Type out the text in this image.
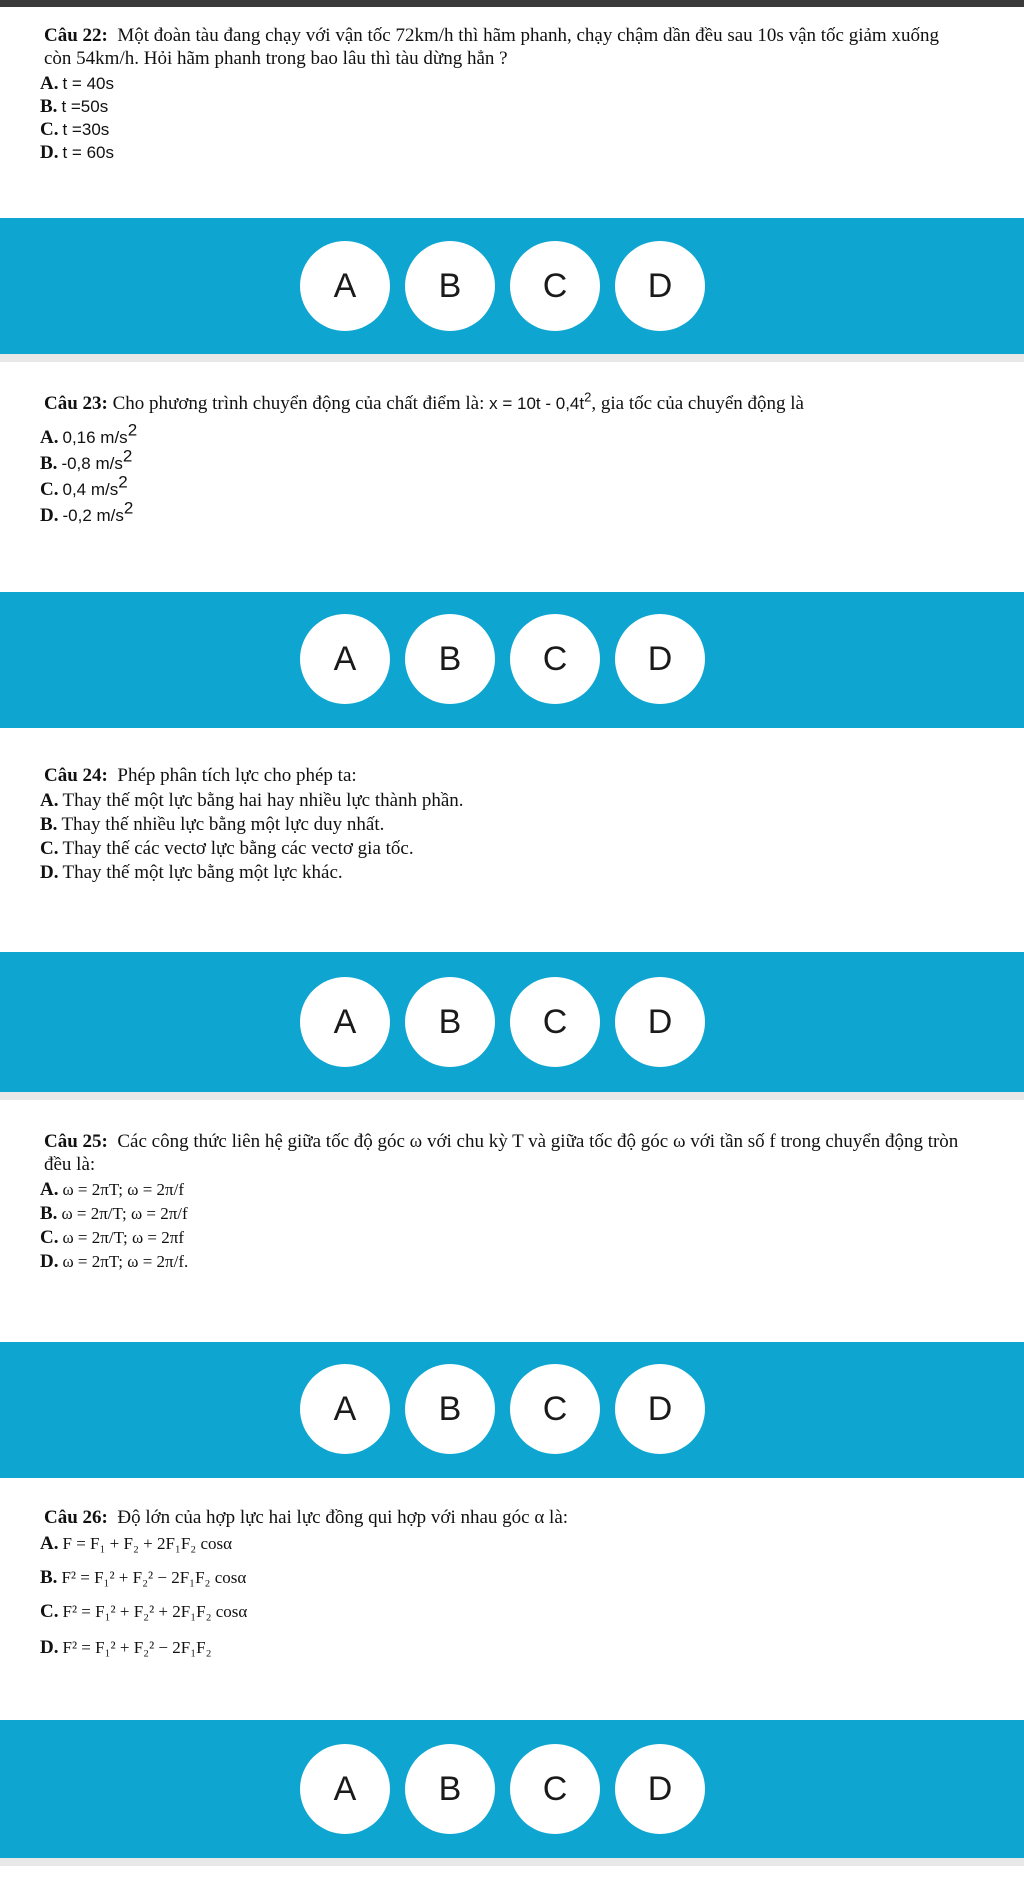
Câu 22: Một đoàn tàu đang chạy với vận tốc 72km/h thì hãm phanh, chạy chậm dần đều sau 10s vận tốc giảm xuống còn 54km/h. Hỏi hãm phanh trong bao lâu thì tàu dừng hẳn ?
A. t = 40s
B. t =50s
C. t =30s
D. t = 60s
A	B	C	D
Câu 23: Cho phương trình chuyển động của chất điểm là: $x = 10t - 0,4t^2$, gia tốc của chuyển động là
A. 0,16 $m/s^2$
B. -0,8 $m/s^2$
C. 0,4 $m/s^2$
D. -0,2 $m/s^2$
A	B	C	D
Câu 24: Phép phân tích lực cho phép ta:
A. Thay thế một lực bằng hai hay nhiều lực thành phần.
B. Thay thế nhiều lực bằng một lực duy nhất.
C. Thay thế các vectơ lực bằng các vectơ gia tốc.
D. Thay thế một lực bằng một lực khác.
A	B	C	D
Câu 25: Các công thức liên hệ giữa tốc độ góc ω với chu kỳ T và giữa tốc độ góc ω với tần số f trong chuyển động tròn đều là:
A. ω = 2πT; ω = 2π/f
B. ω = 2π/T; ω = 2π/f
C. ω = 2π/T; ω = 2πf
D. ω = 2πT; ω = 2π/f.
A	B	C	D
Câu 26: Độ lớn của hợp lực hai lực đồng qui hợp với nhau góc α là:
A. F = F₁ + F₂ + 2F₁F₂ cosα
B. F² = F₁² + F₂² − 2F₁F₂ cosα
C. F² = F₁² + F₂² + 2F₁F₂ cosα
D. F² = F₁² + F₂² − 2F₁F₂
A	B	C	D
